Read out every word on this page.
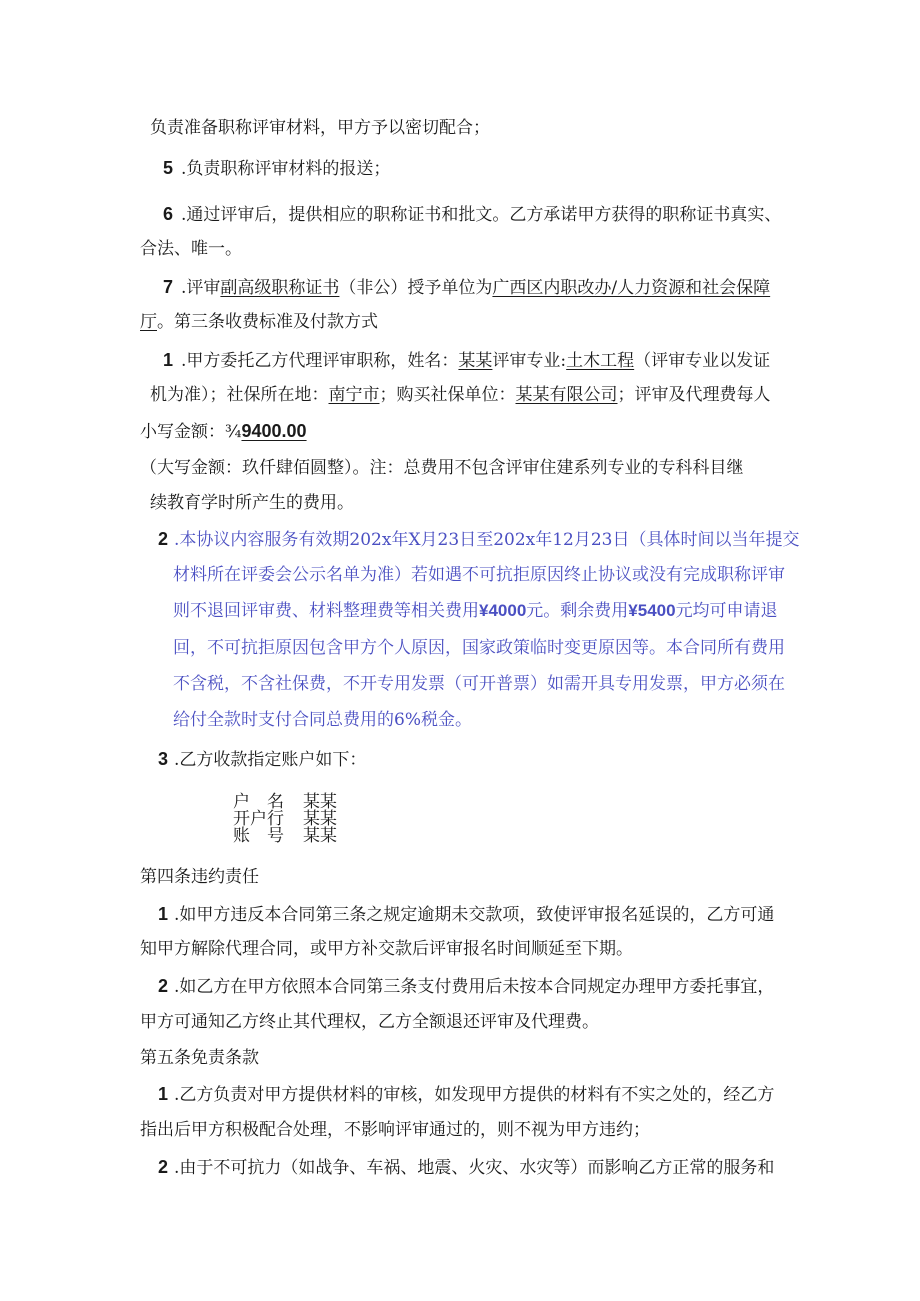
负责准备职称评审材料，甲方予以密切配合；
5 .负责职称评审材料的报送；
6 .通过评审后，提供相应的职称证书和批文。乙方承诺甲方获得的职称证书真实、
合法、唯一。
7 .评审副高级职称证书（非公）授予单位为广西区内职改办/人力资源和社会保障
厅。第三条收费标准及付款方式
1 .甲方委托乙方代理评审职称，姓名：某某评审专业:土木工程（评审专业以发证
机为准）；社保所在地：南宁市；购买社保单位：某某有限公司；评审及代理费每人
小写金额：¾9400.00
（大写金额：玖仟肆佰圆整）。注：总费用不包含评审住建系列专业的专科科目继
续教育学时所产生的费用。
2 .本协议内容服务有效期202x年X月23日至202x年12月23日（具体时间以当年提交
材料所在评委会公示名单为准）若如遇不可抗拒原因终止协议或没有完成职称评审
则不退回评审费、材料整理费等相关费用¥4000元。剩余费用¥5400元均可申请退
回，不可抗拒原因包含甲方个人原因，国家政策临时变更原因等。本合同所有费用
不含税，不含社保费，不开专用发票（可开普票）如需开具专用发票，甲方必须在
给付全款时支付合同总费用的6%税金。
3 .乙方收款指定账户如下：
户　名 某某
开户行 某某
账　号 某某
第四条违约责任
1 .如甲方违反本合同第三条之规定逾期未交款项，致使评审报名延误的，乙方可通
知甲方解除代理合同，或甲方补交款后评审报名时间顺延至下期。
2 .如乙方在甲方依照本合同第三条支付费用后未按本合同规定办理甲方委托事宜，
甲方可通知乙方终止其代理权，乙方全额退还评审及代理费。
第五条免责条款
1 .乙方负责对甲方提供材料的审核，如发现甲方提供的材料有不实之处的，经乙方
指出后甲方积极配合处理，不影响评审通过的，则不视为甲方违约；
2 .由于不可抗力（如战争、车祸、地震、火灾、水灾等）而影响乙方正常的服务和
